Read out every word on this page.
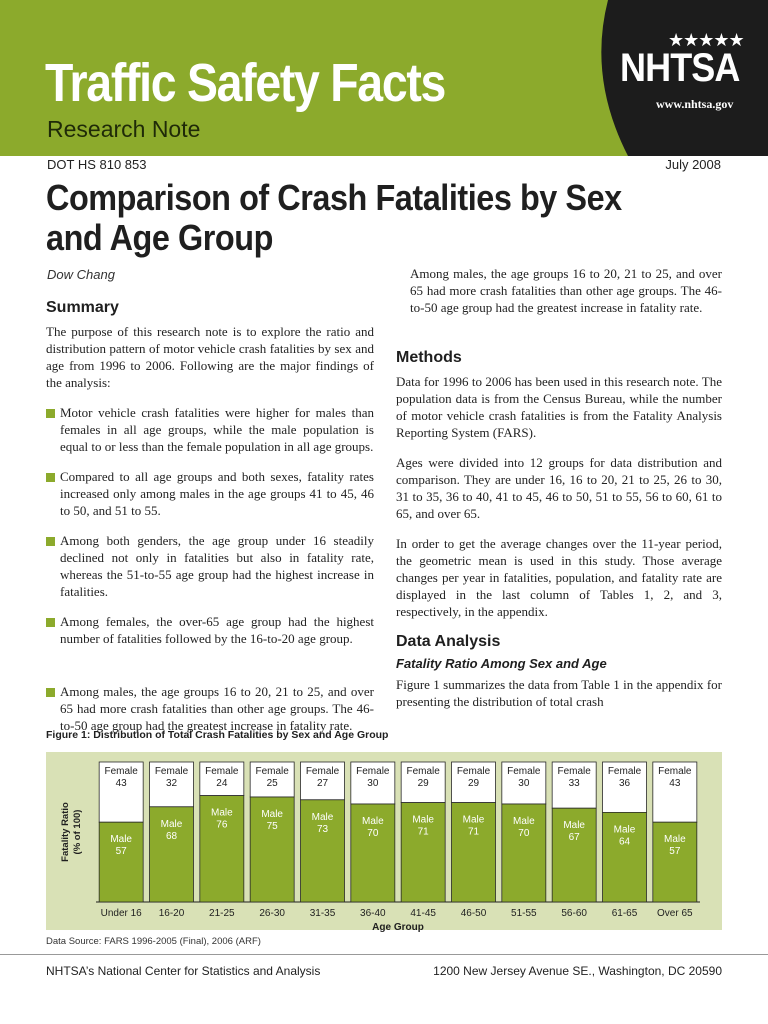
Traffic Safety Facts
Research Note
★★★★★
NHTSA
www.nhtsa.gov
DOT HS 810 853	July 2008
Comparison of Crash Fatalities by Sex and Age Group
Dow Chang
Summary

The purpose of this research note is to explore the ratio and distribution pattern of motor vehicle crash fatalities by sex and age from 1996 to 2006. Following are the major findings of the analysis:

Motor vehicle crash fatalities were higher for males than females in all age groups, while the male population is equal to or less than the female population in all age groups.
Compared to all age groups and both sexes, fatality rates increased only among males in the age groups 41 to 45, 46 to 50, and 51 to 55.
Among both genders, the age group under 16 steadily declined not only in fatalities but also in fatality rate, whereas the 51-to-55 age group had the highest increase in fatalities.
Among females, the over-65 age group had the highest number of fatalities followed by the 16-to-20 age group.
Among males, the age groups 16 to 20, 21 to 25, and over 65 had more crash fatalities than other age groups. The 46-to-50 age group had the greatest increase in fatality rate.
Among males, the age groups 16 to 20, 21 to 25, and over 65 had more crash fatalities than other age groups. The 46-to-50 age group had the greatest increase in fatality rate.
Methods

Data for 1996 to 2006 has been used in this research note. The population data is from the Census Bureau, while the number of motor vehicle crash fatalities is from the Fatality Analysis Reporting System (FARS).

Ages were divided into 12 groups for data distribution and comparison. They are under 16, 16 to 20, 21 to 25, 26 to 30, 31 to 35, 36 to 40, 41 to 45, 46 to 50, 51 to 55, 56 to 60, 61 to 65, and over 65.

In order to get the average changes over the 11-year period, the geometric mean is used in this study. Those average changes per year in fatalities, population, and fatality rate are displayed in the last column of Tables 1, 2, and 3, respectively, in the appendix.

Data Analysis
Fatality Ratio Among Sex and Age

Figure 1 summarizes the data from Table 1 in the appendix for presenting the distribution of total crash

Figure 1: Distribution of Total Crash Fatalities by Sex and Age Group
Female
43
Male
57
Under 16
Female
32
Male
68
16-20
Female
24
Male
76
21-25
Female
25
Male
75
26-30
Female
27
Male
73
31-35
Female
30
Male
70
36-40
Female
29
Male
71
41-45
Female
29
Male
71
46-50
Female
30
Male
70
51-55
Female
33
Male
67
56-60
Female
36
Male
64
61-65
Female
43
Male
57
Over 65
Age Group
Fatality Ratio(% of 100)
Data Source: FARS 1996-2005 (Final), 2006 (ARF)
NHTSA’s National Center for Statistics and Analysis	1200 New Jersey Avenue SE., Washington, DC 20590
